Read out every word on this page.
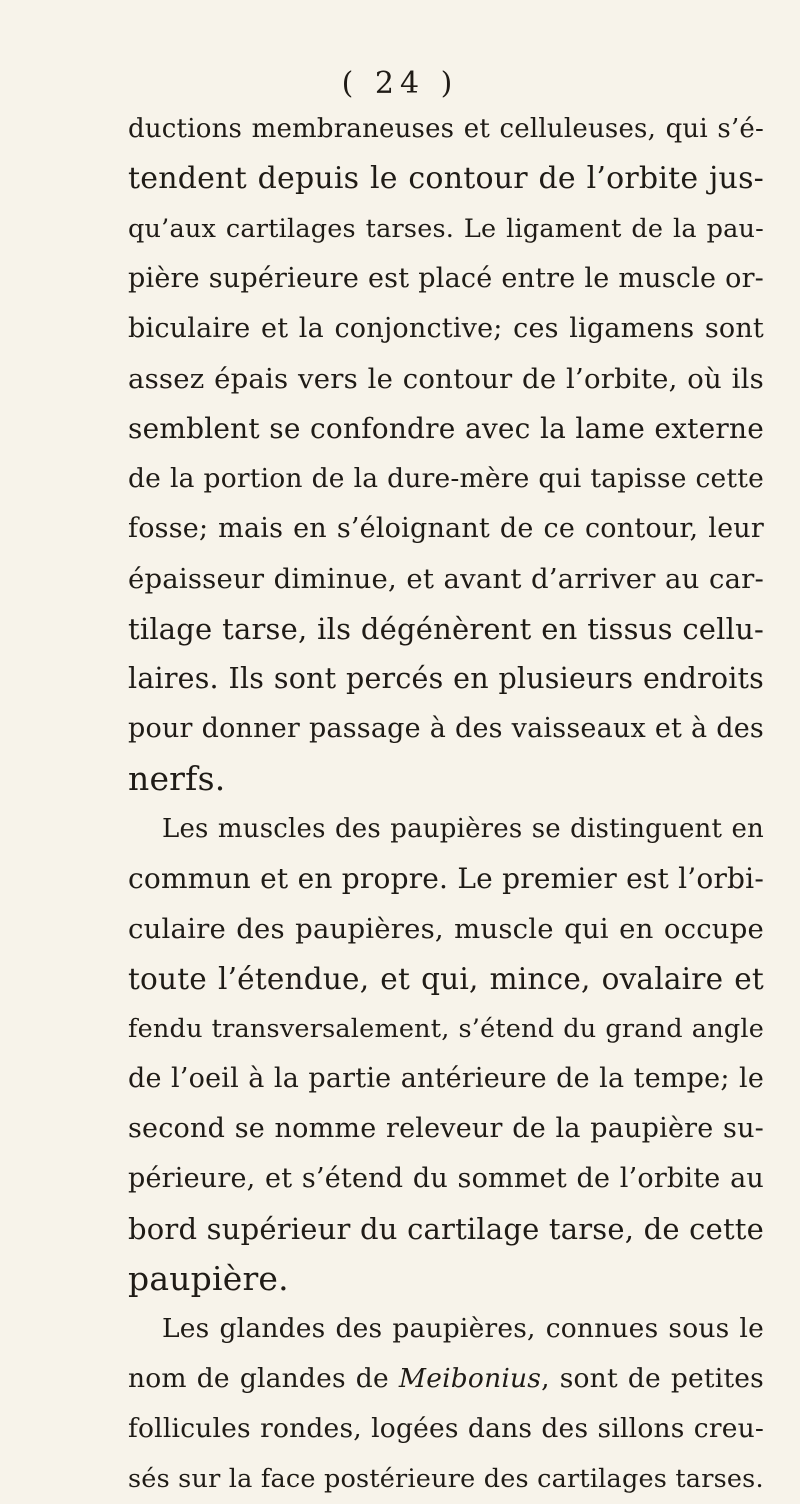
( 24 )
ductions membraneuses et celluleuses, qui s’é-
tendent depuis le contour de l’orbite jus-
qu’aux cartilages tarses. Le ligament de la pau-
pière supérieure est placé entre le muscle or-
biculaire et la conjonctive; ces ligamens sont
assez épais vers le contour de l’orbite, où ils
semblent se confondre avec la lame externe
de la portion de la dure-mère qui tapisse cette
fosse; mais en s’éloignant de ce contour, leur
épaisseur diminue, et avant d’arriver au car-
tilage tarse, ils dégénèrent en tissus cellu-
laires. Ils sont percés en plusieurs endroits
pour donner passage à des vaisseaux et à des
nerfs.
Les muscles des paupières se distinguent en
commun et en propre. Le premier est l’orbi-
culaire des paupières, muscle qui en occupe
toute l’étendue, et qui, mince, ovalaire et
fendu transversalement, s’étend du grand angle
de l’oeil à la partie antérieure de la tempe; le
second se nomme releveur de la paupière su-
périeure, et s’étend du sommet de l’orbite au
bord supérieur du cartilage tarse, de cette
paupière.
Les glandes des paupières, connues sous le
nom de glandes de Meibonius, sont de petites
follicules rondes, logées dans des sillons creu-
sés sur la face postérieure des cartilages tarses.
